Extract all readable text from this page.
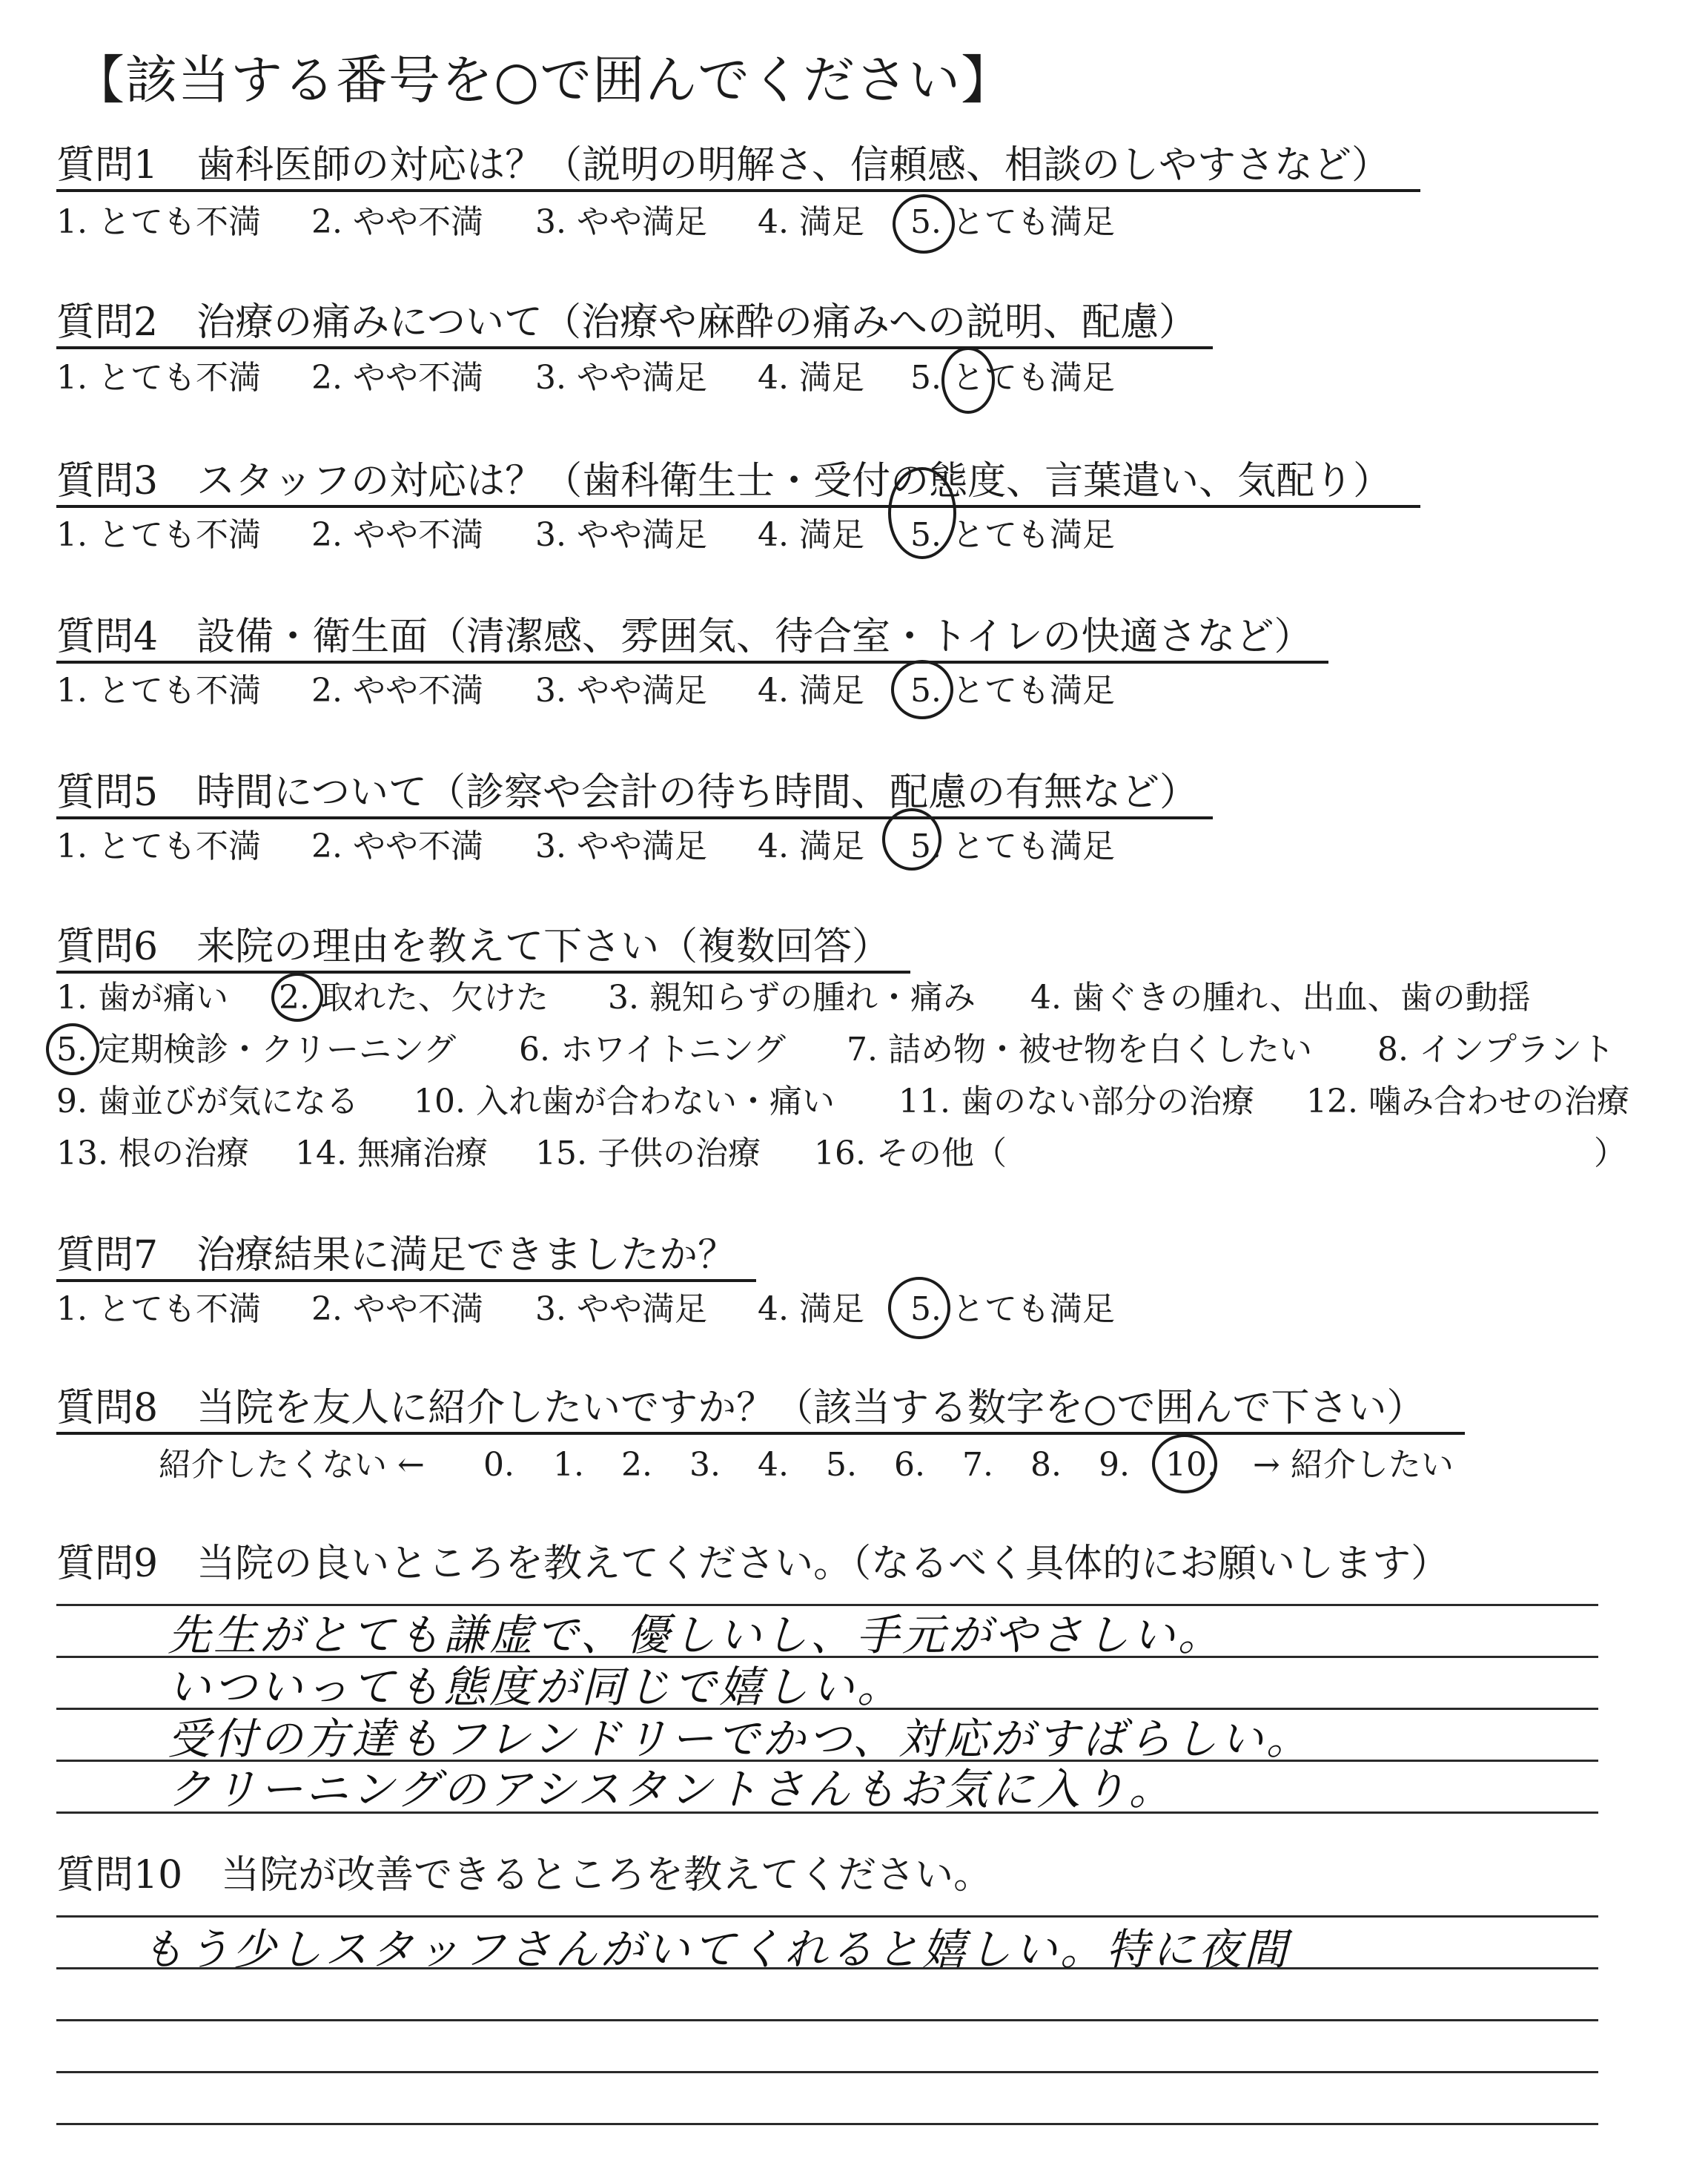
【該当する番号を○で囲んでください】
質問1　歯科医師の対応は？（説明の明解さ、信頼感、相談のしやすさなど）
1. とても不満 2. やや不満 3. やや満足 4. 満足 5. とても満足
質問2　治療の痛みについて（治療や麻酔の痛みへの説明、配慮）
1. とても不満 2. やや不満 3. やや満足 4. 満足 5. とても満足
質問3　スタッフの対応は？（歯科衛生士・受付の態度、言葉遣い、気配り）
1. とても不満 2. やや不満 3. やや満足 4. 満足 5. とても満足
質問4　設備・衛生面（清潔感、雰囲気、待合室・トイレの快適さなど）
1. とても不満 2. やや不満 3. やや満足 4. 満足 5. とても満足
質問5　時間について（診察や会計の待ち時間、配慮の有無など）
1. とても不満 2. やや不満 3. やや満足 4. 満足 5. とても満足
質問6　来院の理由を教えて下さい（複数回答）
1. 歯が痛い 2. 取れた、欠けた 3. 親知らずの腫れ・痛み 4. 歯ぐきの腫れ、出血、歯の動揺
5. 定期検診・クリーニング 6. ホワイトニング 7. 詰め物・被せ物を白くしたい 8. インプラント
9. 歯並びが気になる 10. 入れ歯が合わない・痛い 11. 歯のない部分の治療 12. 噛み合わせの治療
13. 根の治療 14. 無痛治療 15. 子供の治療 16. その他（	）
質問7　治療結果に満足できましたか？
1. とても不満 2. やや不満 3. やや満足 4. 満足 5. とても満足
質問8　当院を友人に紹介したいですか？（該当する数字を○で囲んで下さい）
紹介したくない ← 0. 1. 2. 3. 4. 5. 6. 7. 8. 9. 10. → 紹介したい
質問9　当院の良いところを教えてください。（なるべく具体的にお願いします）
先生がとても謙虚で、優しいし、手元がやさしい。
いついっても態度が同じで嬉しい。
受付の方達もフレンドリーでかつ、対応がすばらしい。
クリーニングのアシスタントさんもお気に入り。
質問10　当院が改善できるところを教えてください。
もう少しスタッフさんがいてくれると嬉しい。特に夜間
